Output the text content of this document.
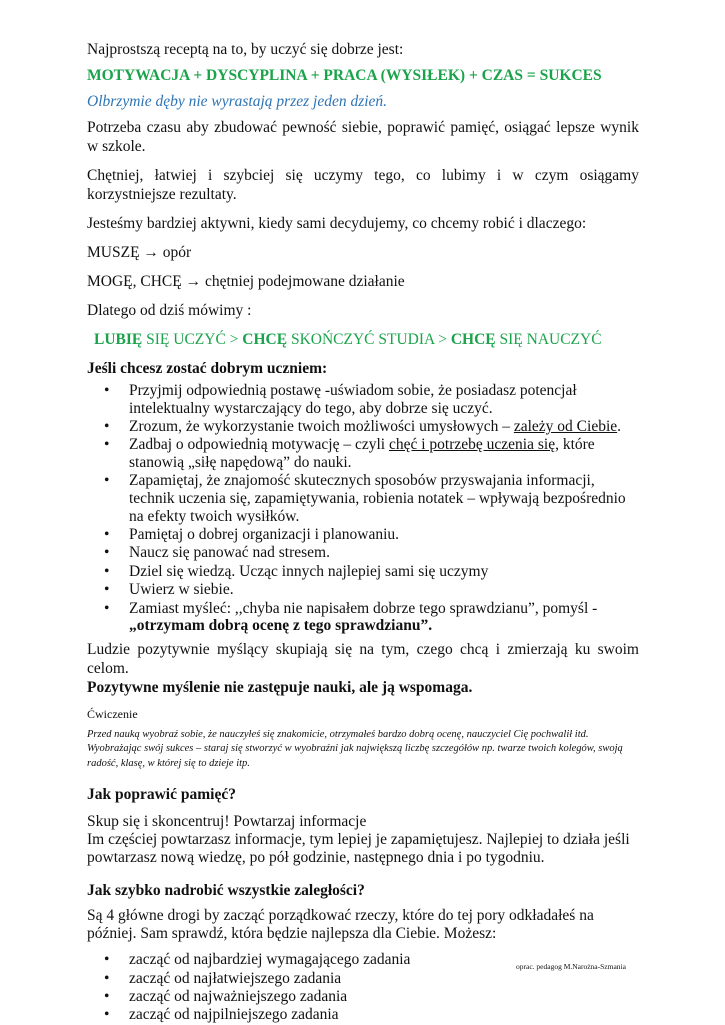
Najprostszą receptą na to, by uczyć się dobrze jest:

MOTYWACJA + DYSCYPLINA + PRACA (WYSIŁEK) + CZAS = SUKCES

Olbrzymie dęby nie wyrastają przez jeden dzień.

Potrzeba czasu aby zbudować pewność siebie, poprawić pamięć, osiągać lepsze wynik w szkole.

Chętniej, łatwiej i szybciej się uczymy tego, co lubimy i w czym osiągamy korzystniejsze rezultaty.

Jesteśmy bardziej aktywni, kiedy sami decydujemy, co chcemy robić i dlaczego:

MUSZĘ → opór

MOGĘ, CHCĘ → chętniej podejmowane działanie

Dlatego od dziś mówimy :

LUBIĘ SIĘ UCZYĆ > CHCĘ SKOŃCZYĆ STUDIA > CHCĘ SIĘ NAUCZYĆ

Jeśli chcesz zostać dobrym uczniem:

• Przyjmij odpowiednią postawę -uświadom sobie, że posiadasz potencjał intelektualny wystarczający do tego, aby dobrze się uczyć.
• Zrozum, że wykorzystanie twoich możliwości umysłowych – zależy od Ciebie.
• Zadbaj o odpowiednią motywację – czyli chęć i potrzebę uczenia się, które stanowią „siłę napędową” do nauki.
• Zapamiętaj, że znajomość skutecznych sposobów przyswajania informacji, technik uczenia się, zapamiętywania, robienia notatek – wpływają bezpośrednio na efekty twoich wysiłków.
• Pamiętaj o dobrej organizacji i planowaniu.
• Naucz się panować nad stresem.
• Dziel się wiedzą. Ucząc innych najlepiej sami się uczymy
• Uwierz w siebie.
• Zamiast myśleć: ,,chyba nie napisałem dobrze tego sprawdzianu”, pomyśl - „otrzymam dobrą ocenę z tego sprawdzianu”.

Ludzie pozytywnie myślący skupiają się na tym, czego chcą i zmierzają ku swoim celom.

Pozytywne myślenie nie zastępuje nauki, ale ją wspomaga.

Ćwiczenie

Przed nauką wyobraź sobie, że nauczyłeś się znakomicie, otrzymałeś bardzo dobrą ocenę, nauczyciel Cię pochwalił itd. Wyobrażając swój sukces – staraj się stworzyć w wyobraźni jak największą liczbę szczegółów np. twarze twoich kolegów, swoją radość, klasę, w której się to dzieje itp.

Jak poprawić pamięć?

Skup się i skoncentruj! Powtarzaj informacje

Im częściej powtarzasz informacje, tym lepiej je zapamiętujesz. Najlepiej to działa jeśli powtarzasz nową wiedzę, po pół godzinie, następnego dnia i po tygodniu.

Jak szybko nadrobić wszystkie zaległości?

Są 4 główne drogi by zacząć porządkować rzeczy, które do tej pory odkładałeś na później. Sam sprawdź, która będzie najlepsza dla Ciebie. Możesz:

• zacząć od najbardziej wymagającego zadania
• zacząć od najłatwiejszego zadania
• zacząć od najważniejszego zadania
• zacząć od najpilniejszego zadania
oprac. pedagog M.Narożna-Szmania
